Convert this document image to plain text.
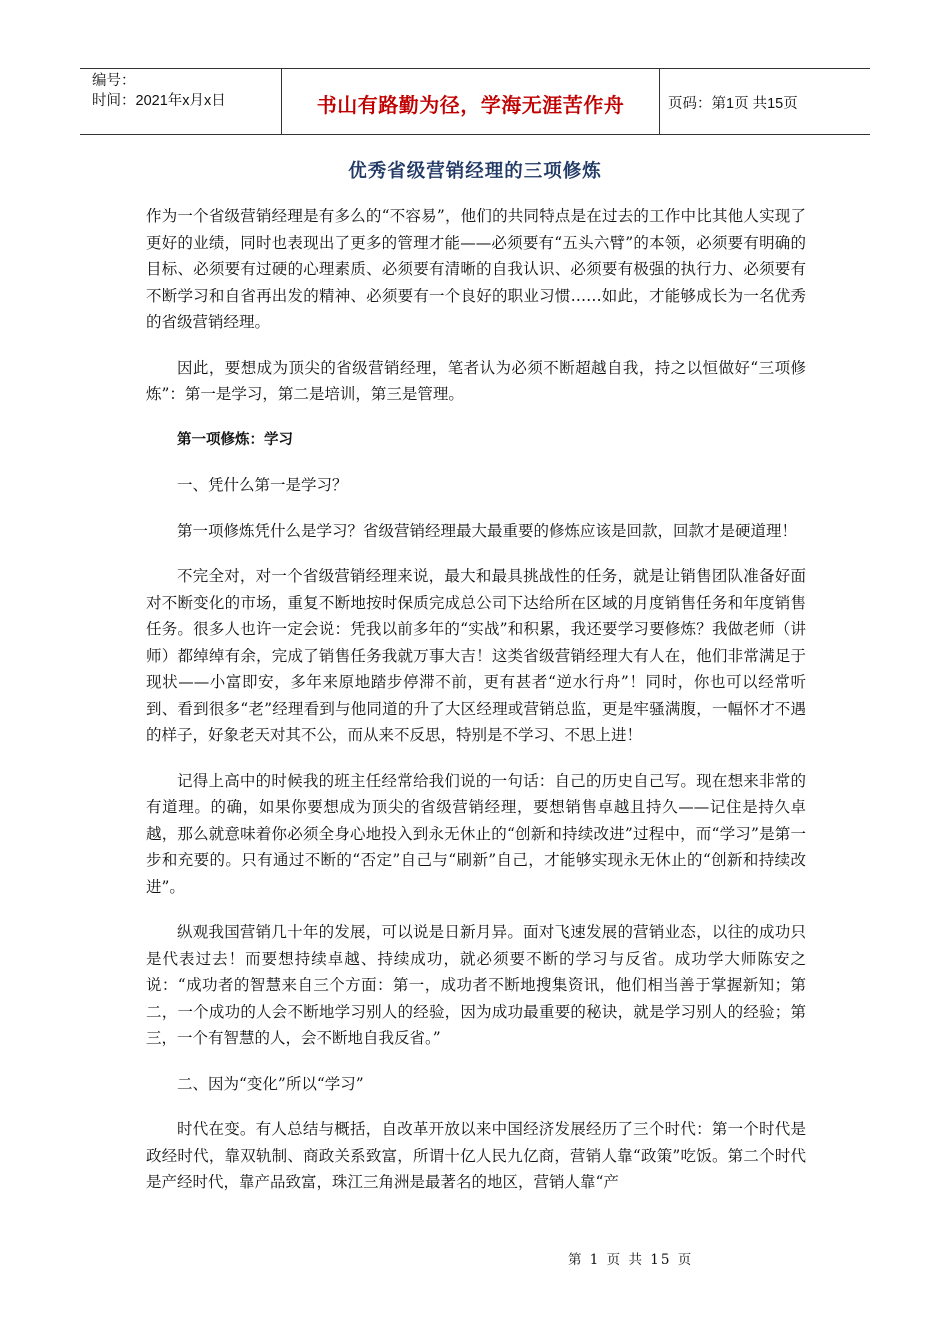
编号：
时间：2021年x月x日	书山有路勤为径，学海无涯苦作舟	页码：第1页 共15页
优秀省级营销经理的三项修炼

作为一个省级营销经理是有多么的“不容易”，他们的共同特点是在过去的工作中比其他人实现了更好的业绩，同时也表现出了更多的管理才能——必须要有“五头六臂”的本领，必须要有明确的目标、必须要有过硬的心理素质、必须要有清晰的自我认识、必须要有极强的执行力、必须要有不断学习和自省再出发的精神、必须要有一个良好的职业习惯……如此，才能够成长为一名优秀的省级营销经理。

因此，要想成为顶尖的省级营销经理，笔者认为必须不断超越自我，持之以恒做好“三项修炼”：第一是学习，第二是培训，第三是管理。

第一项修炼：学习

一、凭什么第一是学习？

第一项修炼凭什么是学习？省级营销经理最大最重要的修炼应该是回款，回款才是硬道理！

不完全对，对一个省级营销经理来说，最大和最具挑战性的任务，就是让销售团队准备好面对不断变化的市场，重复不断地按时保质完成总公司下达给所在区域的月度销售任务和年度销售任务。很多人也许一定会说：凭我以前多年的“实战”和积累，我还要学习要修炼？我做老师（讲师）都绰绰有余，完成了销售任务我就万事大吉！这类省级营销经理大有人在，他们非常满足于现状——小富即安，多年来原地踏步停滞不前，更有甚者“逆水行舟”！同时，你也可以经常听到、看到很多“老”经理看到与他同道的升了大区经理或营销总监，更是牢骚满腹，一幅怀才不遇的样子，好象老天对其不公，而从来不反思，特别是不学习、不思上进！

记得上高中的时候我的班主任经常给我们说的一句话：自己的历史自己写。现在想来非常的有道理。的确，如果你要想成为顶尖的省级营销经理，要想销售卓越且持久——记住是持久卓越，那么就意味着你必须全身心地投入到永无休止的“创新和持续改进”过程中，而“学习”是第一步和充要的。只有通过不断的“否定”自己与“刷新”自己，才能够实现永无休止的“创新和持续改进”。

纵观我国营销几十年的发展，可以说是日新月异。面对飞速发展的营销业态，以往的成功只是代表过去！而要想持续卓越、持续成功，就必须要不断的学习与反省。成功学大师陈安之说：“成功者的智慧来自三个方面：第一，成功者不断地搜集资讯，他们相当善于掌握新知；第二，一个成功的人会不断地学习别人的经验，因为成功最重要的秘诀，就是学习别人的经验；第三，一个有智慧的人，会不断地自我反省。”

二、因为“变化”所以“学习”

时代在变。有人总结与概括，自改革开放以来中国经济发展经历了三个时代：第一个时代是政经时代，靠双轨制、商政关系致富，所谓十亿人民九亿商，营销人靠“政策”吃饭。第二个时代是产经时代，靠产品致富，珠江三角洲是最著名的地区，营销人靠“产

第 1 页 共 15 页
